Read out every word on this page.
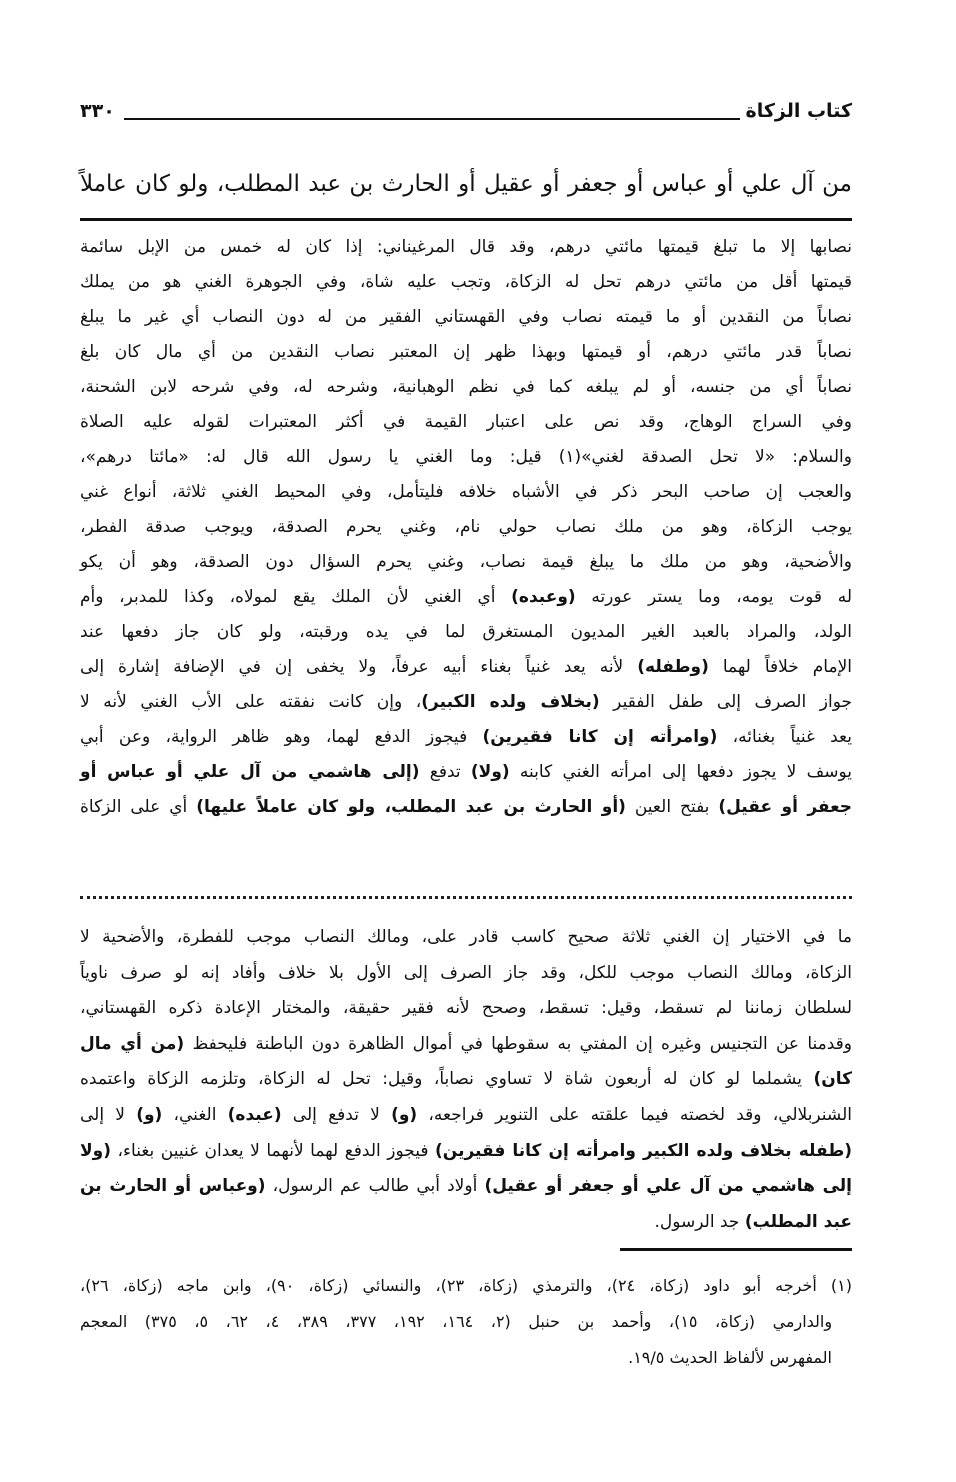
كتاب الزكاة
٣٣٠
من آل علي أو عباس أو جعفر أو عقيل أو الحارث بن عبد المطلب، ولو كان عاملاً
نصابها إلا ما تبلغ قيمتها مائتي درهم، وقد قال المرغيناني: إذا كان له خمس من الإبل سائمة
قيمتها أقل من مائتي درهم تحل له الزكاة، وتجب عليه شاة، وفي الجوهرة الغني هو من يملك
نصاباً من النقدين أو ما قيمته نصاب وفي القهستاني الفقير من له دون النصاب أي غير ما يبلغ
نصاباً قدر مائتي درهم، أو قيمتها وبهذا ظهر إن المعتبر نصاب النقدين من أي مال كان بلغ
نصاباً أي من جنسه، أو لم يبلغه كما في نظم الوهبانية، وشرحه له، وفي شرحه لابن الشحنة،
وفي السراج الوهاج، وقد نص على اعتبار القيمة في أكثر المعتبرات لقوله عليه الصلاة
والسلام: «لا تحل الصدقة لغني»(١) قيل: وما الغني يا رسول الله قال له: «مائتا درهم»،
والعجب إن صاحب البحر ذكر في الأشباه خلافه فليتأمل، وفي المحيط الغني ثلاثة، أنواع غني
يوجب الزكاة، وهو من ملك نصاب حولي نام، وغني يحرم الصدقة، ويوجب صدقة الفطر،
والأضحية، وهو من ملك ما يبلغ قيمة نصاب، وغني يحرم السؤال دون الصدقة، وهو أن يكو
له قوت يومه، وما يستر عورته (وعبده) أي الغني لأن الملك يقع لمولاه، وكذا للمدبر، وأم
الولد، والمراد بالعبد الغير المديون المستغرق لما في يده ورقبته، ولو كان جاز دفعها عند
الإمام خلافاً لهما (وطفله) لأنه يعد غنياً بغناء أبيه عرفاً، ولا يخفى إن في الإضافة إشارة إلى
جواز الصرف إلى طفل الفقير (بخلاف ولده الكبير)، وإن كانت نفقته على الأب الغني لأنه لا
يعد غنياً بغنائه، (وامرأته إن كانا فقيرين) فيجوز الدفع لهما، وهو ظاهر الرواية، وعن أبي
يوسف لا يجوز دفعها إلى امرأته الغني كابنه (ولا) تدفع (إلى هاشمي من آل علي أو عباس أو
جعفر أو عقيل) بفتح العين (أو الحارث بن عبد المطلب، ولو كان عاملاً عليها) أي على الزكاة
ما في الاختيار إن الغني ثلاثة صحيح كاسب قادر على، ومالك النصاب موجب للفطرة، والأضحية لا
الزكاة، ومالك النصاب موجب للكل، وقد جاز الصرف إلى الأول بلا خلاف وأفاد إنه لو صرف ناوياً
لسلطان زماننا لم تسقط، وقيل: تسقط، وصحح لأنه فقير حقيقة، والمختار الإعادة ذكره القهستاني،
وقدمنا عن التجنيس وغيره إن المفتي به سقوطها في أموال الظاهرة دون الباطنة فليحفظ (من أي مال
كان) يشملما لو كان له أربعون شاة لا تساوي نصاباً، وقيل: تحل له الزكاة، وتلزمه الزكاة واعتمده
الشنربلالي، وقد لخصته فيما علقته على التنوير فراجعه، (و) لا تدفع إلى (عبده) الغني، (و) لا إلى
(طفله بخلاف ولده الكبير وامرأته إن كانا فقيرين) فيجوز الدفع لهما لأنهما لا يعدان غنيين بغناء، (ولا
إلى هاشمي من آل علي أو جعفر أو عقيل) أولاد أبي طالب عم الرسول، (وعباس أو الحارث بن
عبد المطلب) جد الرسول.
(١) أخرجه أبو داود (زكاة، ٢٤)، والترمذي (زكاة، ٢٣)، والنسائي (زكاة، ٩٠)، وابن ماجه (زكاة، ٢٦)،
والدارمي (زكاة، ١٥)، وأحمد بن حنبل (٢، ١٦٤، ١٩٢، ٣٧٧، ٣٨٩، ٤، ٦٢، ٥، ٣٧٥) المعجم
المفهرس لألفاظ الحديث ١٩/٥.
